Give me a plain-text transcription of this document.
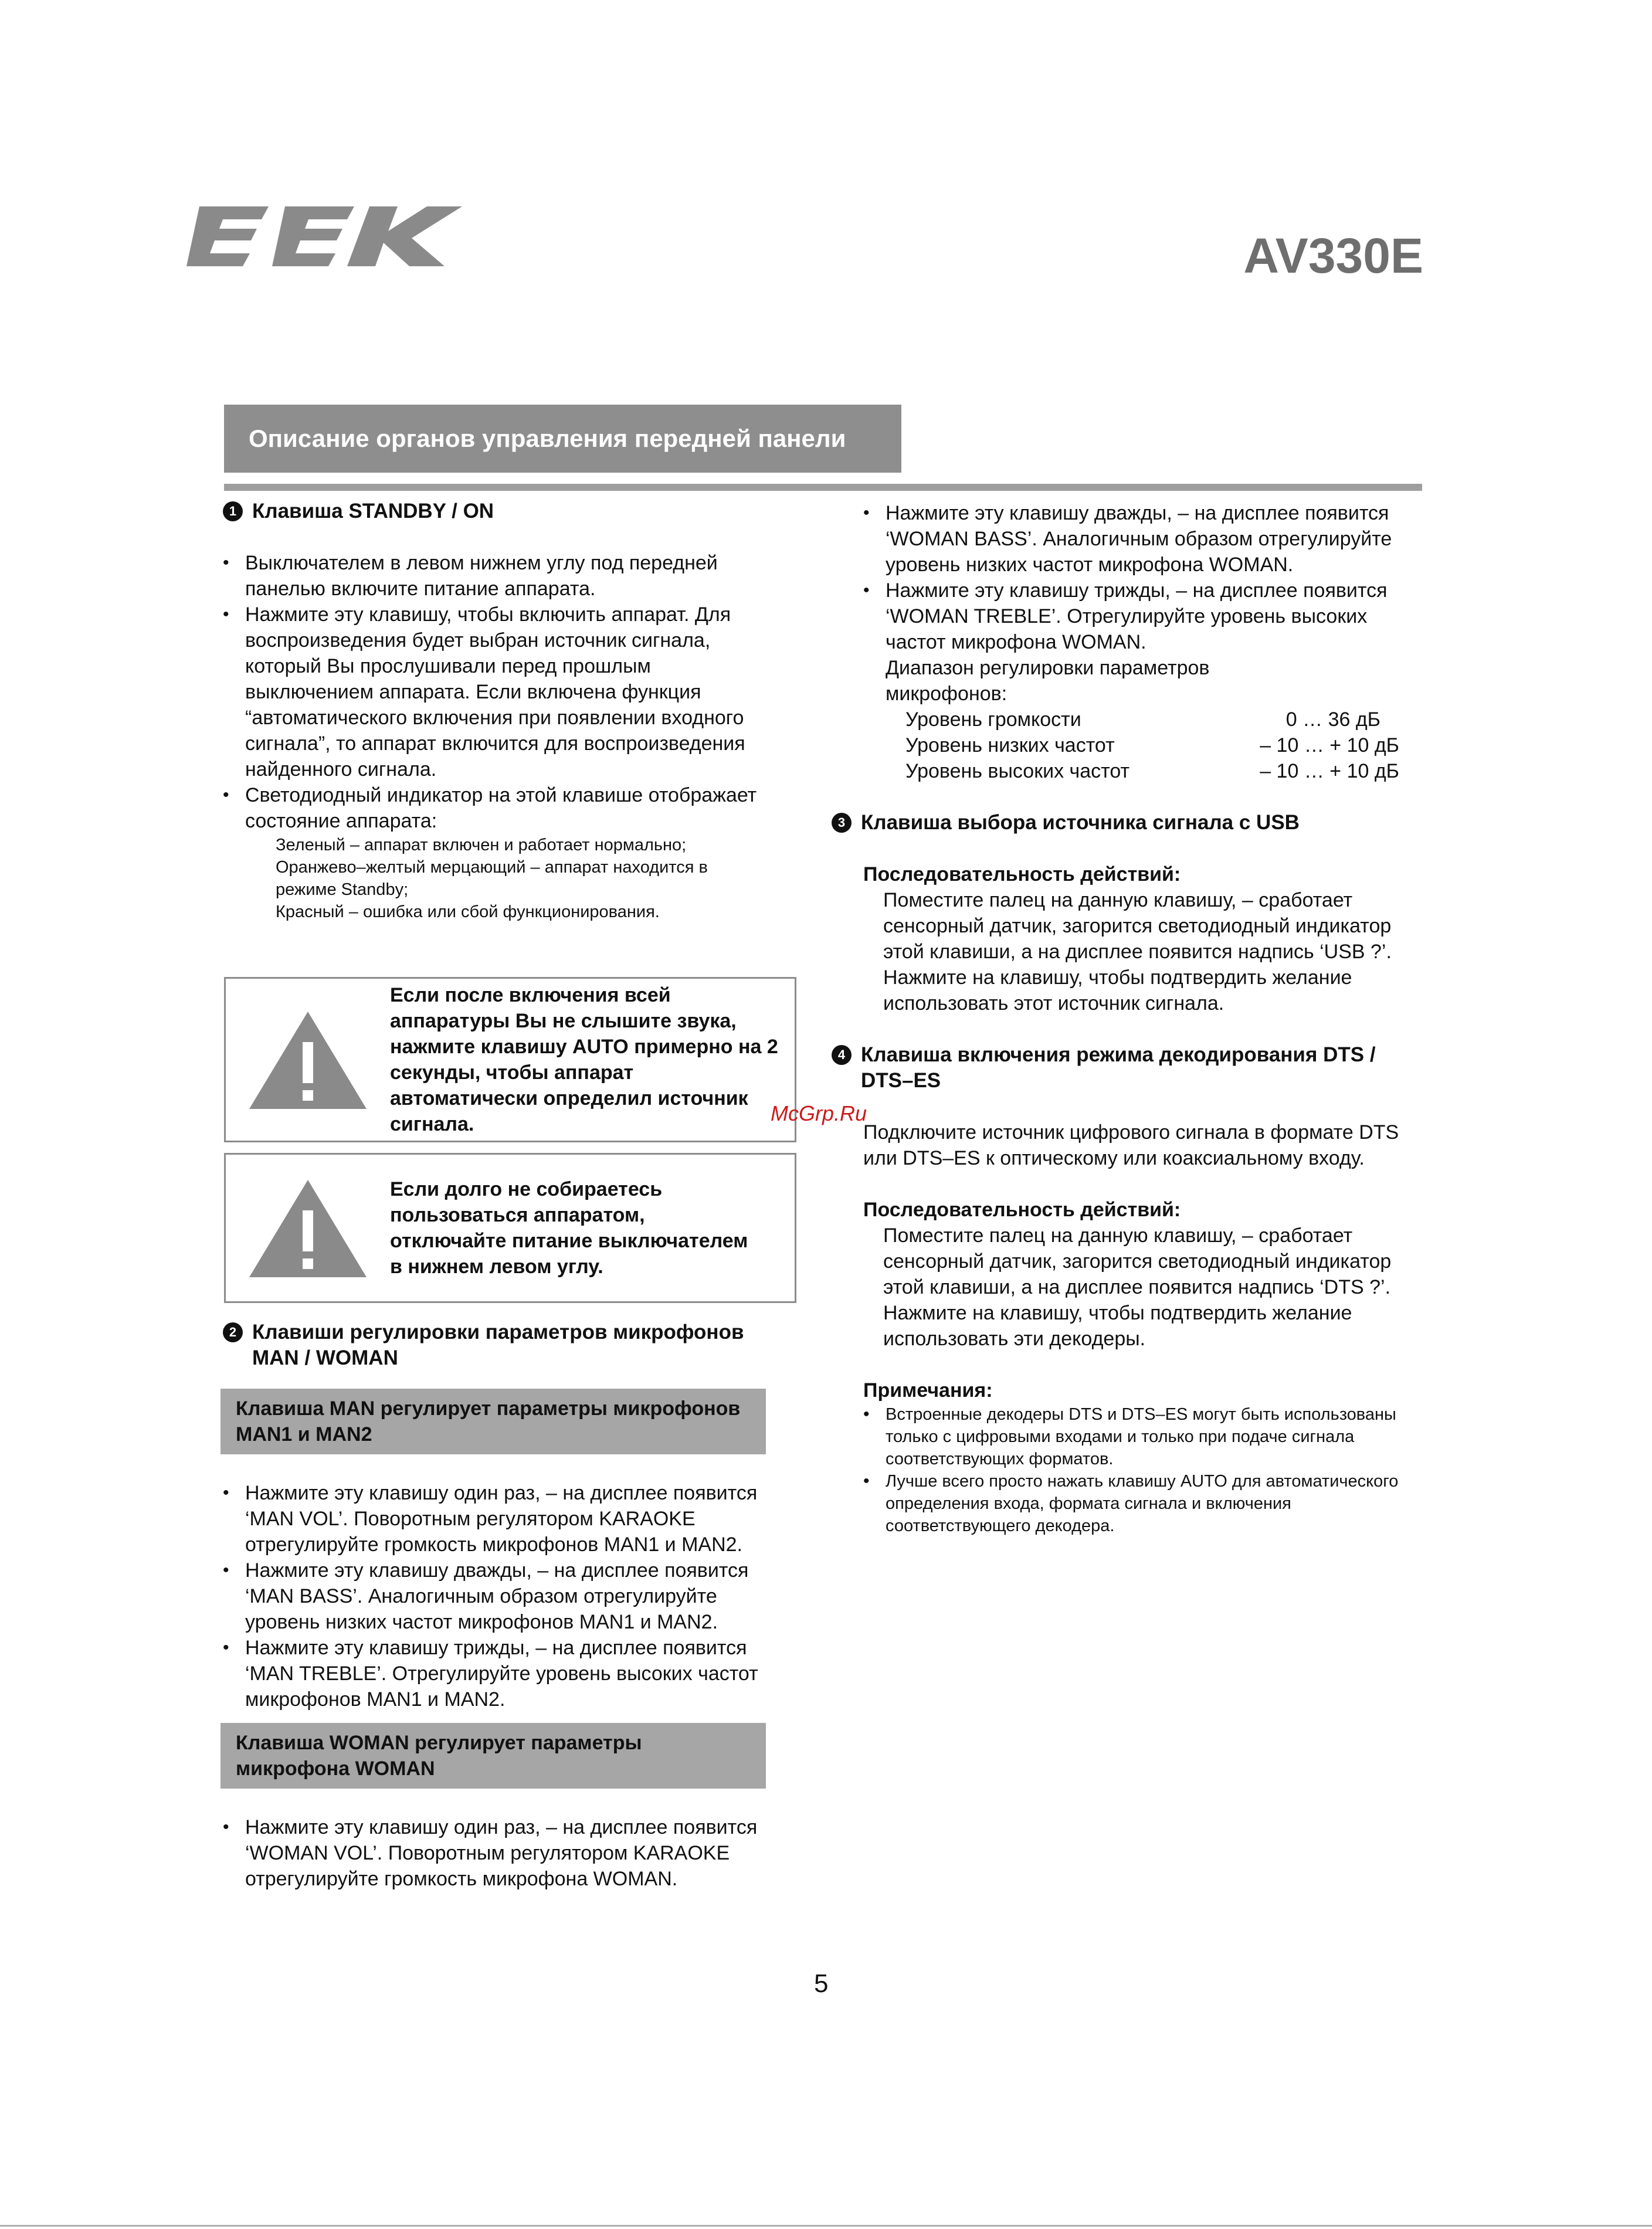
AV330E
Описание органов управления передней панели
1 Клавиша STANDBY / ON
• Выключателем в левом нижнем углу под передней панелью включите питание аппарата.
• Нажмите эту клавишу, чтобы включить аппарат. Для воспроизведения будет выбран источник сигнала, который Вы прослушивали перед прошлым выключением аппарата. Если включена функция “автоматического включения при появлении входного сигнала”, то аппарат включится для воспроизведения найденного сигнала.
• Светодиодный индикатор на этой клавише отображает состояние аппарата:
Зеленый – аппарат включен и работает нормально;
Оранжево–желтый мерцающий – аппарат находится в режиме Standby;
Красный – ошибка или сбой функционирования.
Если после включения всей аппаратуры Вы не слышите звука, нажмите клавишу AUTO примерно на 2 секунды, чтобы аппарат автоматически определил источник сигнала.
Если долго не собираетесь пользоваться аппаратом, отключайте питание выключателем в нижнем левом углу.
2 Клавиши регулировки параметров микрофонов MAN / WOMAN
Клавиша MAN регулирует параметры микрофонов MAN1 и MAN2
• Нажмите эту клавишу один раз, – на дисплее появится ‘MAN VOL’. Поворотным регулятором KARAOKE отрегулируйте громкость микрофонов MAN1 и MAN2.
• Нажмите эту клавишу дважды, – на дисплее появится ‘MAN BASS’. Аналогичным образом отрегулируйте уровень низких частот микрофонов MAN1 и MAN2.
• Нажмите эту клавишу трижды, – на дисплее появится ‘MAN TREBLE’. Отрегулируйте уровень высоких частот микрофонов MAN1 и MAN2.
Клавиша WOMAN регулирует параметры микрофона WOMAN
• Нажмите эту клавишу один раз, – на дисплее появится ‘WOMAN VOL’. Поворотным регулятором KARAOKE отрегулируйте громкость микрофона WOMAN.
• Нажмите эту клавишу дважды, – на дисплее появится ‘WOMAN BASS’. Аналогичным образом отрегулируйте уровень низких частот микрофона WOMAN.
• Нажмите эту клавишу трижды, – на дисплее появится ‘WOMAN TREBLE’. Отрегулируйте уровень высоких частот микрофона WOMAN.
Диапазон регулировки параметров микрофонов:
Уровень громкости	0 … 36 дБ
Уровень низких частот	– 10 … + 10 дБ
Уровень высоких частот	– 10 … + 10 дБ
3 Клавиша выбора источника сигнала с USB
Последовательность действий:
Поместите палец на данную клавишу, – сработает сенсорный датчик, загорится светодиодный индикатор этой клавиши, а на дисплее появится надпись ‘USB ?’. Нажмите на клавишу, чтобы подтвердить желание использовать этот источник сигнала.
4 Клавиша включения режима декодирования DTS / DTS–ES
Подключите источник цифрового сигнала в формате DTS или DTS–ES к оптическому или коаксиальному входу.
Последовательность действий:
Поместите палец на данную клавишу, – сработает сенсорный датчик, загорится светодиодный индикатор этой клавиши, а на дисплее появится надпись ‘DTS ?’. Нажмите на клавишу, чтобы подтвердить желание использовать эти декодеры.
Примечания:
• Встроенные декодеры DTS и DTS–ES могут быть использованы только с цифровыми входами и только при подаче сигнала соответствующих форматов.
• Лучше всего просто нажать клавишу AUTO для автоматического определения входа, формата сигнала и включения соответствующего декодера.
McGrp.Ru
5
